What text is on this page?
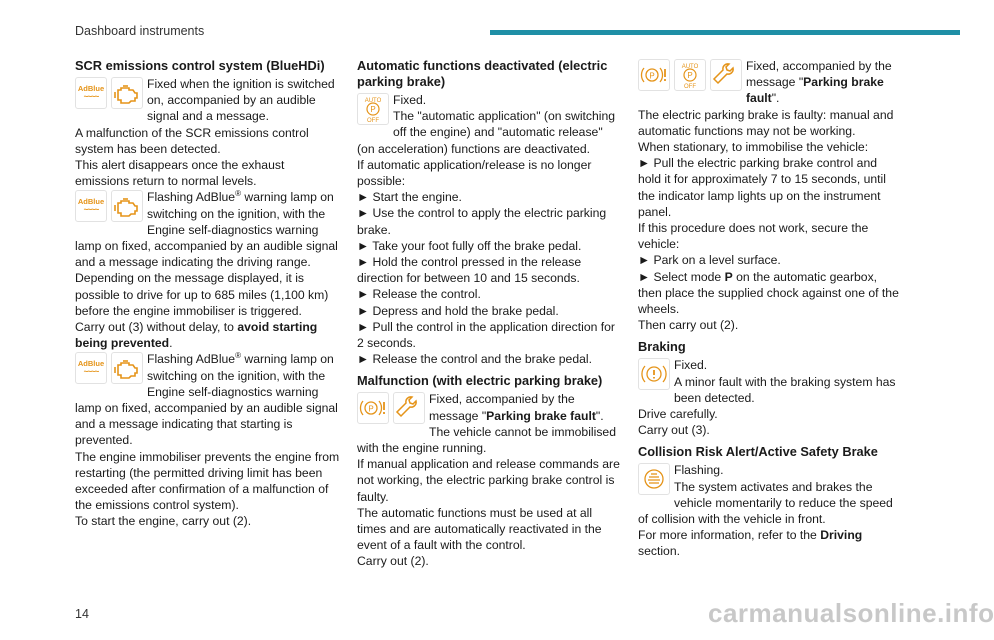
Dashboard instruments
SCR emissions control system (BlueHDi)
AdBlue
~~~~
Fixed when the ignition is switched on, accompanied by an audible signal and a message.

A malfunction of the SCR emissions control system has been detected.

This alert disappears once the exhaust emissions return to normal levels.

AdBlue
~~~~
Flashing AdBlue® warning lamp on switching on the ignition, with the Engine self-diagnostics warning lamp on fixed, accompanied by an audible signal and a message indicating the driving range.

Depending on the message displayed, it is possible to drive for up to 685 miles (1,100 km) before the engine immobiliser is triggered.

Carry out (3) without delay, to avoid starting being prevented.

AdBlue
~~~~
Flashing AdBlue® warning lamp on switching on the ignition, with the Engine self-diagnostics warning lamp on fixed, accompanied by an audible signal and a message indicating that starting is prevented.

The engine immobiliser prevents the engine from restarting (the permitted driving limit has been exceeded after confirmation of a malfunction of the emissions control system).

To start the engine, carry out (2).

Automatic functions deactivated (electric parking brake)
AUTO
P
OFF
Fixed.
The "automatic application" (on switching off the engine) and "automatic release" (on acceleration) functions are deactivated.

If automatic application/release is no longer possible:

► Start the engine.

► Use the control to apply the electric parking brake.

► Take your foot fully off the brake pedal.

► Hold the control pressed in the release direction for between 10 and 15 seconds.

► Release the control.

► Depress and hold the brake pedal.

► Pull the control in the application direction for 2 seconds.

► Release the control and the brake pedal.

Malfunction (with electric parking brake)
P
Fixed, accompanied by the message "Parking brake fault".

The vehicle cannot be immobilised with the engine running.

If manual application and release commands are not working, the electric parking brake control is faulty.

The automatic functions must be used at all times and are automatically reactivated in the event of a fault with the control.

Carry out (2).

P
AUTO
P
OFF
Fixed, accompanied by the message "Parking brake fault".

The electric parking brake is faulty: manual and automatic functions may not be working.

When stationary, to immobilise the vehicle:

► Pull the electric parking brake control and hold it for approximately 7 to 15 seconds, until the indicator lamp lights up on the instrument panel.

If this procedure does not work, secure the vehicle:

► Park on a level surface.

► Select mode P on the automatic gearbox, then place the supplied chock against one of the wheels.

Then carry out (2).

Braking
Fixed.
A minor fault with the braking system has been detected.

Drive carefully.

Carry out (3).

Collision Risk Alert/Active Safety Brake
Flashing.
The system activates and brakes the vehicle momentarily to reduce the speed of collision with the vehicle in front.

For more information, refer to the Driving section.

14	carmanualsonline.info
